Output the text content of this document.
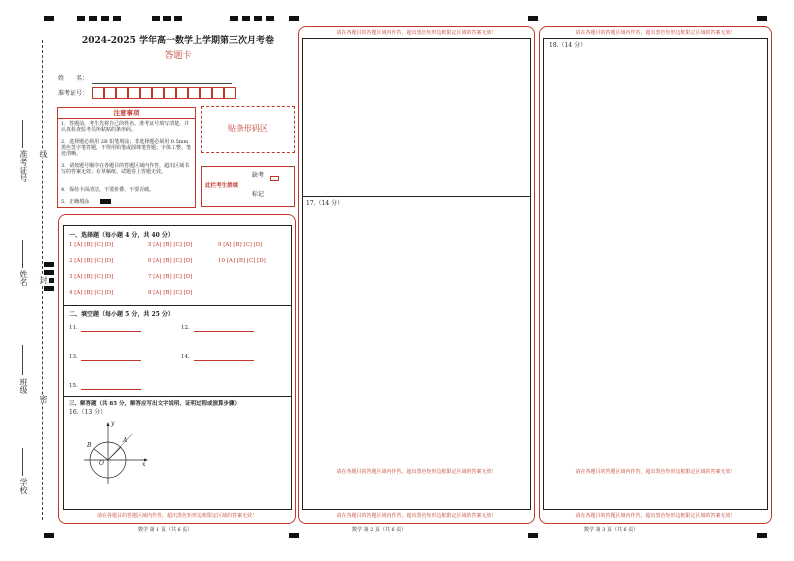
线
封
密
准考证号
姓名
班级
学校
2024-2025 学年高一数学上学期第三次月考卷
答题卡
姓　　名：
准考证号：
注意事项
1．答题前，考生先将自己的姓名、准考证号填写清楚，并认真检查监考员所粘贴的条形码。
2．选择题必须用 2B 铅笔填涂；非选择题必须用 0.5mm 黑色签字笔答题，不得用铅笔或圆珠笔答题；字体工整、笔迹清晰。
3．请按题号顺序在各题目的答题区域内作答，超出区域书写的答案无效；在草稿纸、试题卷上答题无效。
4．保持卡面清洁，不要折叠、不要弄破。
5．正确填涂
贴条形码区
此栏考生禁填
缺考
标记
一、选择题（每小题 4 分，共 40 分）
1 [A] [B] [C] [D]	5 [A] [B] [C] [D]	9 [A] [B] [C] [D]
2 [A] [B] [C] [D]	6 [A] [B] [C] [D]	10 [A] [B] [C] [D]
3 [A] [B] [C] [D]	7 [A] [B] [C] [D]
4 [A] [B] [C] [D]	8 [A] [B] [C] [D]
二、填空题（每小题 5 分，共 25 分）
11.	12.
13.	14.
15.
三、解答题（共 85 分，解答应写出文字说明、证明过程或演算步骤）
16.（13 分）
y
x
O
A
B
请在各题目的答题区域内作答，超出黑色矩形边框限定区域的答案无效！
数学 第 1 页（共 6 页）
请在各题目的答题区域内作答，超出黑色矩形边框限定区域的答案无效！
17.（14 分）
请在各题目的答题区域内作答，超出黑色矩形边框限定区域的答案无效！
请在各题目的答题区域内作答，超出黑色矩形边框限定区域的答案无效！
数学 第 2 页（共 6 页）
请在各题目的答题区域内作答，超出黑色矩形边框限定区域的答案无效！
18.（14 分）
请在各题目的答题区域内作答，超出黑色矩形边框限定区域的答案无效！
请在各题目的答题区域内作答，超出黑色矩形边框限定区域的答案无效！
数学 第 3 页（共 6 页）
